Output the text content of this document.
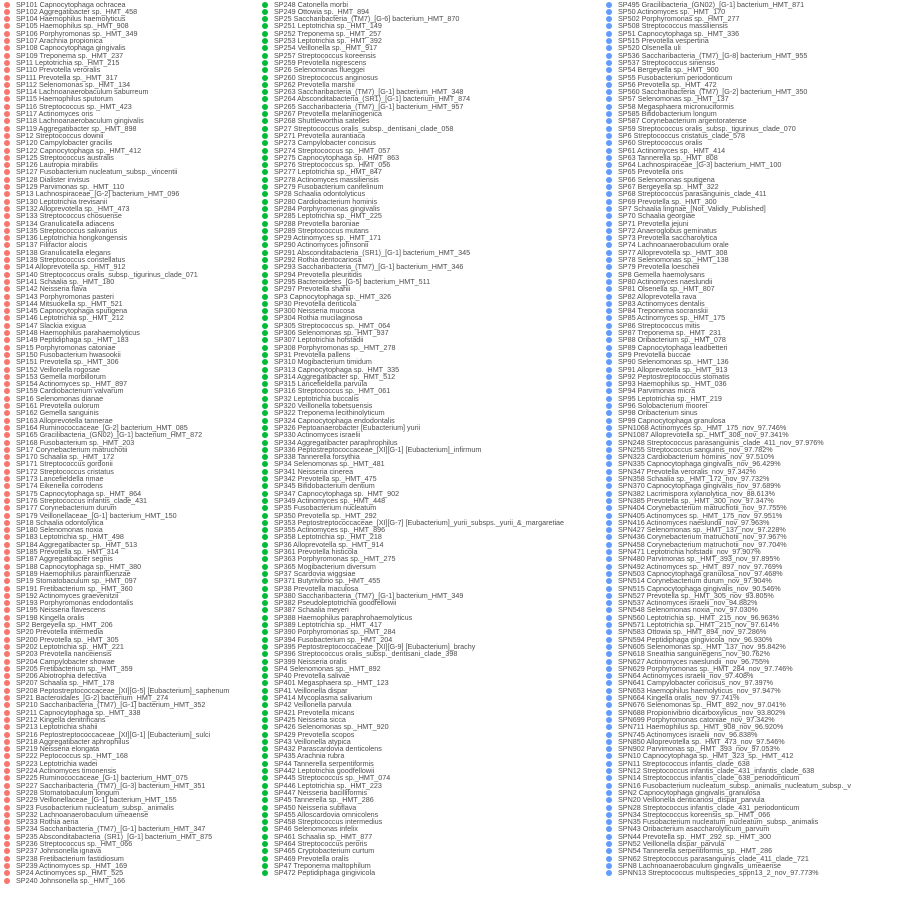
SP101 Capnocytophaga ochracea
SP102 Aggregatibacter sp._HMT_458
SP104 Haemophilus haemolyticus
SP105 Haemophilus sp._HMT_908
SP106 Porphyromonas sp._HMT_349
SP107 Arachnia propionica
SP108 Capnocytophaga gingivalis
SP109 Treponema sp._HMT_237
SP11 Leptotrichia sp._HMT_215
SP110 Prevotella veroralis
SP111 Prevotella sp._HMT_317
SP112 Selenomonas sp._HMT_134
SP114 Lachnoanaerobaculum saburreum
SP115 Haemophilus sputorum
SP116 Streptococcus sp._HMT_423
SP117 Actinomyces oris
SP118 Lachnoanaerobaculum gingivalis
SP119 Aggregatibacter sp._HMT_898
SP12 Streptococcus downii
SP120 Campylobacter gracilis
SP122 Capnocytophaga sp._HMT_412
SP125 Streptococcus australis
SP126 Lautropia mirabilis
SP127 Fusobacterium nucleatum_subsp._vincentii
SP128 Dialister invisus
SP129 Parvimonas sp._HMT_110
SP13 Lachnospiraceae_[G-2] bacterium_HMT_096
SP130 Leptotrichia trevisanii
SP132 Alloprevotella sp._HMT_473
SP133 Streptococcus chosuense
SP134 Granulicatella adiacens
SP135 Streptococcus salivarius
SP136 Leptotrichia hongkongensis
SP137 Filifactor alocis
SP138 Granulicatella elegans
SP139 Streptococcus constellatus
SP14 Alloprevotella sp._HMT_912
SP140 Streptococcus oralis_subsp._tigurinus_clade_071
SP141 Schaalia sp._HMT_180
SP142 Neisseria flava
SP143 Porphyromonas pasteri
SP144 Mitsuokella sp._HMT_521
SP145 Capnocytophaga sputigena
SP146 Leptotrichia sp._HMT_212
SP147 Slackia exigua
SP148 Haemophilus parahaemolyticus
SP149 Peptidiphaga sp._HMT_183
SP15 Porphyromonas catoniae
SP150 Fusobacterium hwasookii
SP151 Prevotella sp._HMT_306
SP152 Veillonella rogosae
SP153 Gemella morbillorum
SP154 Actinomyces sp._HMT_897
SP159 Cardiobacterium valvarum
SP16 Selenomonas dianae
SP161 Prevotella oulorum
SP162 Gemella sanguinis
SP163 Alloprevotella tannerae
SP164 Ruminococcaceae_[G-2] bacterium_HMT_085
SP165 Gracilibacteria_(GN02)_[G-1] bacterium_HMT_872
SP168 Fusobacterium sp._HMT_203
SP17 Corynebacterium matruchotii
SP170 Schaalia sp._HMT_172
SP171 Streptococcus gordonii
SP172 Streptococcus cristatus
SP173 Lancefieldella rimae
SP174 Eikenella corrodens
SP175 Capnocytophaga sp._HMT_864
SP176 Streptococcus infantis_clade_431
SP177 Corynebacterium durum
SP179 Veillonellaceae_[G-1] bacterium_HMT_150
SP18 Schaalia odontolytica
SP180 Selenomonas noxia
SP183 Leptotrichia sp._HMT_498
SP184 Aggregatibacter sp._HMT_513
SP185 Prevotella sp._HMT_314
SP187 Aggregatibacter segnis
SP188 Capnocytophaga sp._HMT_380
SP189 Haemophilus parainfluenzae
SP19 Stomatobaculum sp._HMT_097
SP191 Fretibacterium sp._HMT_360
SP192 Actinomyces graevenitzii
SP193 Porphyromonas endodontalis
SP195 Neisseria flavescens
SP198 Kingella oralis
SP2 Bergeyella sp._HMT_206
SP20 Prevotella intermedia
SP200 Prevotella sp._HMT_305
SP202 Leptotrichia sp._HMT_221
SP203 Prevotella nanceiensis
SP204 Campylobacter showae
SP205 Fretibacterium sp._HMT_359
SP206 Abiotrophia defectiva
SP207 Schaalia sp._HMT_178
SP208 Peptostreptococcaceae_[XI][G-5] [Eubacterium]_saphenum
SP21 Bacteroidales_[G-2] bacterium_HMT_274
SP210 Saccharibacteria_(TM7)_[G-1] bacterium_HMT_352
SP211 Capnocytophaga sp._HMT_338
SP212 Kingella denitrificans
SP213 Leptotrichia shahii
SP216 Peptostreptococcaceae_[XI][G-1] [Eubacterium]_sulci
SP218 Aggregatibacter aphrophilus
SP219 Neisseria elongata
SP222 Peptococcus sp._HMT_168
SP223 Leptotrichia wadei
SP224 Actinomyces timonensis
SP225 Ruminococcaceae_[G-1] bacterium_HMT_075
SP227 Saccharibacteria_(TM7)_[G-3] bacterium_HMT_351
SP228 Stomatobaculum longum
SP229 Veillonellaceae_[G-1] bacterium_HMT_155
SP23 Fusobacterium nucleatum_subsp._animalis
SP232 Lachnoanaerobaculum umeaense
SP233 Rothia aeria
SP234 Saccharibacteria_(TM7)_[G-1] bacterium_HMT_347
SP235 Absconditabacteria_(SR1)_[G-1] bacterium_HMT_875
SP236 Streptococcus sp._HMT_066
SP237 Johnsonella ignava
SP238 Fretibacterium fastidiosum
SP239 Actinomyces sp._HMT_169
SP24 Actinomyces sp._HMT_525
SP240 Johnsonella sp._HMT_166
SP248 Catonella morbi
SP249 Ottowia sp._HMT_894
SP25 Saccharibacteria_(TM7)_[G-6] bacterium_HMT_870
SP251 Leptotrichia sp._HMT_149
SP252 Treponema sp._HMT_257
SP253 Leptotrichia sp._HMT_392
SP254 Veillonella sp._HMT_917
SP257 Streptococcus koreensis
SP259 Prevotella nigrescens
SP26 Selenomonas flueggei
SP260 Streptococcus anginosus
SP262 Prevotella marshii
SP263 Saccharibacteria_(TM7)_[G-1] bacterium_HMT_348
SP264 Absconditabacteria_(SR1)_[G-1] bacterium_HMT_874
SP265 Saccharibacteria_(TM7)_[G-1] bacterium_HMT_957
SP267 Prevotella melaninogenica
SP268 Shuttleworthia satelles
SP27 Streptococcus oralis_subsp._dentisani_clade_058
SP271 Prevotella aurantiaca
SP273 Campylobacter concisus
SP274 Streptococcus sp._HMT_057
SP275 Capnocytophaga sp._HMT_863
SP276 Streptococcus sp._HMT_056
SP277 Leptotrichia sp._HMT_847
SP278 Actinomyces massiliensis
SP279 Fusobacterium canifelinum
SP28 Schaalia odontolyticus
SP280 Cardiobacterium hominis
SP284 Porphyromonas gingivalis
SP285 Leptotrichia sp._HMT_225
SP288 Prevotella baroniae
SP289 Streptococcus mutans
SP29 Actinomyces sp._HMT_171
SP290 Actinomyces johnsonii
SP291 Absconditabacteria_(SR1)_[G-1] bacterium_HMT_345
SP292 Rothia dentocariosa
SP293 Saccharibacteria_(TM7)_[G-1] bacterium_HMT_346
SP294 Prevotella pleuritidis
SP295 Bacteroidetes_[G-5] bacterium_HMT_511
SP297 Prevotella shahii
SP3 Capnocytophaga sp._HMT_326
SP30 Prevotella denticola
SP300 Neisseria mucosa
SP304 Rothia mucilaginosa
SP305 Streptococcus sp._HMT_064
SP306 Selenomonas sp._HMT_937
SP307 Leptotrichia hofstadii
SP308 Porphyromonas sp._HMT_278
SP31 Prevotella pallens
SP310 Mogibacterium timidum
SP313 Capnocytophaga sp._HMT_335
SP314 Aggregatibacter sp._HMT_512
SP315 Lancefieldella parvula
SP316 Streptococcus sp._HMT_061
SP32 Leptotrichia buccalis
SP320 Veillonella tobetsuensis
SP322 Treponema lecithinolyticum
SP324 Capnocytophaga endodontalis
SP326 Peptoanaerobacter [Eubacterium] yurii
SP330 Actinomyces israelii
SP334 Aggregatibacter paraphrophilus
SP336 Peptostreptococcaceae_[XI][G-1] [Eubacterium]_infirmum
SP338 Tannerella forsythia
SP34 Selenomonas sp._HMT_481
SP341 Neisseria cinerea
SP342 Prevotella sp._HMT_475
SP345 Bifidobacterium dentium
SP347 Capnocytophaga sp._HMT_902
SP349 Actinomyces sp._HMT_448
SP35 Fusobacterium nucleatum
SP350 Prevotella sp._HMT_292
SP353 Peptostreptococcaceae_[XI][G-7] [Eubacterium]_yurii_subsps._yurii_&_margaretiae
SP355 Actinomyces sp._HMT_896
SP358 Leptotrichia sp._HMT_218
SP36 Alloprevotella sp._HMT_914
SP361 Prevotella histicola
SP363 Porphyromonas sp._HMT_275
SP365 Mogibacterium diversum
SP37 Scardovia wiggsiae
SP371 Butyrivibrio sp._HMT_455
SP38 Prevotella maculosa
SP380 Saccharibacteria_(TM7)_[G-1] bacterium_HMT_349
SP382 Pseudoleptotrichia goodfellowii
SP387 Schaalia meyeri
SP388 Haemophilus paraphrohaemolyticus
SP389 Leptotrichia sp._HMT_417
SP390 Porphyromonas sp._HMT_284
SP394 Fusobacterium sp._HMT_204
SP395 Peptostreptococcaceae_[XI][G-9] [Eubacterium]_brachy
SP396 Streptococcus oralis_subsp._dentisani_clade_398
SP399 Neisseria oralis
SP4 Selenomonas sp._HMT_892
SP40 Prevotella salivae
SP401 Megasphaera sp._HMT_123
SP41 Veillonella dispar
SP414 Mycoplasma salivarium
SP42 Veillonella parvula
SP421 Prevotella micans
SP425 Neisseria sicca
SP426 Selenomonas sp._HMT_920
SP429 Prevotella scopos
SP43 Veillonella atypica
SP432 Parascardovia denticolens
SP435 Arachnia rubra
SP44 Tannerella serpentiformis
SP442 Leptotrichia goodfellowii
SP445 Streptococcus sp._HMT_074
SP446 Leptotrichia sp._HMT_223
SP447 Neisseria bacilliformis
SP45 Tannerella sp._HMT_286
SP450 Neisseria subflava
SP455 Alloscardovia omnicolens
SP458 Streptococcus intermedius
SP46 Selenomonas infelix
SP461 Schaalia sp._HMT_877
SP464 Streptococcus peroris
SP465 Cryptobacterium curtum
SP469 Prevotella oralis
SP47 Treponema maltophilum
SP472 Peptidiphaga gingivicola
SP495 Gracilibacteria_(GN02)_[G-1] bacterium_HMT_871
SP50 Actinomyces sp._HMT_170
SP502 Porphyromonas sp._HMT_277
SP508 Streptococcus massiliensis
SP51 Capnocytophaga sp._HMT_336
SP515 Prevotella vespertina
SP520 Olsenella uli
SP536 Saccharibacteria_(TM7)_[G-8] bacterium_HMT_955
SP537 Streptococcus sinensis
SP54 Bergeyella sp._HMT_900
SP55 Fusobacterium periodonticum
SP56 Prevotella sp._HMT_472
SP560 Saccharibacteria_(TM7)_[G-2] bacterium_HMT_350
SP57 Selenomonas sp._HMT_137
SP58 Megasphaera micronuciformis
SP585 Bifidobacterium longum
SP587 Corynebacterium argentoratense
SP59 Streptococcus oralis_subsp._tigurinus_clade_070
SP6 Streptococcus cristatus_clade_578
SP60 Streptococcus oralis
SP61 Actinomyces sp._HMT_414
SP63 Tannerella sp._HMT_808
SP64 Lachnospiraceae_[G-3] bacterium_HMT_100
SP65 Prevotella oris
SP66 Selenomonas sputigena
SP67 Bergeyella sp._HMT_322
SP68 Streptococcus parasanguinis_clade_411
SP69 Prevotella sp._HMT_300
SP7 Schaalia lingnae_[Not_Validly_Published]
SP70 Schaalia georgiae
SP71 Prevotella jejuni
SP72 Anaeroglobus geminatus
SP73 Prevotella saccharolytica
SP74 Lachnoanaerobaculum orale
SP77 Alloprevotella sp._HMT_308
SP78 Selenomonas sp._HMT_138
SP79 Prevotella loescheii
SP8 Gemella haemolysans
SP80 Actinomyces naeslundii
SP81 Olsenella sp._HMT_807
SP82 Alloprevotella rava
SP83 Actinomyces dentalis
SP84 Treponema socranskii
SP85 Actinomyces sp._HMT_175
SP86 Streptococcus mitis
SP87 Treponema sp._HMT_231
SP88 Oribacterium sp._HMT_078
SP89 Capnocytophaga leadbetteri
SP9 Prevotella buccae
SP90 Selenomonas sp._HMT_136
SP91 Alloprevotella sp._HMT_913
SP92 Peptostreptococcus stomatis
SP93 Haemophilus sp._HMT_036
SP94 Parvimonas micra
SP95 Leptotrichia sp._HMT_219
SP96 Solobacterium moorei
SP98 Oribacterium sinus
SP99 Capnocytophaga granulosa
SPN1068 Actinomyces sp._HMT_175_nov_97.746%
SPN1087 Alloprevotella sp._HMT_308_nov_97.341%
SPN248 Streptococcus parasanguinis_clade_411_nov_97.976%
SPN255 Streptococcus sanguinis_nov_97.782%
SPN323 Cardiobacterium hominis_nov_97.510%
SPN335 Capnocytophaga gingivalis_nov_96.429%
SPN347 Prevotella veroralis_nov_97.342%
SPN358 Schaalia sp._HMT_172_nov_97.732%
SPN370 Capnocytophaga gingivalis_nov_97.689%
SPN382 Lacrimispora xylanolytica_nov_88.613%
SPN385 Prevotella sp._HMT_300_nov_97.347%
SPN404 Corynebacterium matruchotii_nov_97.755%
SPN405 Actinomyces sp._HMT_175_nov_97.951%
SPN416 Actinomyces naeslundii_nov_97.963%
SPN427 Selenomonas sp._HMT_137_nov_97.228%
SPN436 Corynebacterium matruchotii_nov_97.967%
SPN458 Corynebacterium matruchotii_nov_97.704%
SPN471 Leptotrichia hofstadii_nov_97.907%
SPN480 Parvimonas sp._HMT_393_nov_97.895%
SPN492 Actinomyces sp._HMT_897_nov_97.769%
SPN503 Capnocytophaga granulosa_nov_97.468%
SPN514 Corynebacterium durum_nov_97.904%
SPN515 Capnocytophaga gingivalis_nov_90.546%
SPN527 Prevotella sp._HMT_305_nov_93.805%
SPN537 Actinomyces israelii_nov_94.882%
SPN548 Selenomonas noxia_nov_97.030%
SPN560 Leptotrichia sp._HMT_215_nov_96.963%
SPN571 Leptotrichia sp._HMT_215_nov_97.614%
SPN583 Ottowia sp._HMT_894_nov_97.286%
SPN594 Peptidiphaga gingivicola_nov_96.930%
SPN605 Selenomonas sp._HMT_137_nov_95.842%
SPN618 Sneathia sanguinegens_nov_90.762%
SPN627 Actinomyces naeslundii_nov_96.755%
SPN629 Porphyromonas sp._HMT_284_nov_97.746%
SPN64 Actinomyces israelii_nov_97.408%
SPN641 Campylobacter concisus_nov_97.397%
SPN653 Haemophilus haemolyticus_nov_97.947%
SPN664 Kingella oralis_nov_97.741%
SPN676 Selenomonas sp._HMT_892_nov_97.041%
SPN688 Propionivibrio dicarboxylicus_nov_93.802%
SPN699 Porphyromonas catoniae_nov_97.342%
SPN711 Haemophilus sp._HMT_908_nov_96.920%
SPN745 Actinomyces israelii_nov_96.838%
SPN850 Alloprevotella sp._HMT_473_nov_97.546%
SPN902 Parvimonas sp._HMT_393_nov_97.053%
SPN10 Capnocytophaga sp._HMT_323_sp._HMT_412
SPN11 Streptococcus infantis_clade_638
SPN12 Streptococcus infantis_clade_431_infantis_clade_638
SPN14 Streptococcus infantis_clade_638_periodonticum
SPN16 Fusobacterium nucleatum_subsp._animalis_nucleatum_subsp._v
SPN2 Capnocytophaga gingivalis_granulosa
SPN20 Veillonella denticariosi_dispar_parvula
SPN28 Streptococcus infantis_clade_431_periodonticum
SPN34 Streptococcus koreensis_sp._HMT_066
SPN35 Fusobacterium nucleatum_nucleatum_subsp._animalis
SPN43 Oribacterium asaccharolyticum_parvum
SPN44 Prevotella sp._HMT_292_sp._HMT_300
SPN52 Veillonella dispar_parvula
SPN54 Tannerella serpentiformis_sp._HMT_286
SPN62 Streptococcus parasanguinis_clade_411_clade_721
SPN8 Lachnoanaerobaculum gingivalis_umeaense
SPNN13 Streptococcus multispecies_sppn13_2_nov_97.773%
